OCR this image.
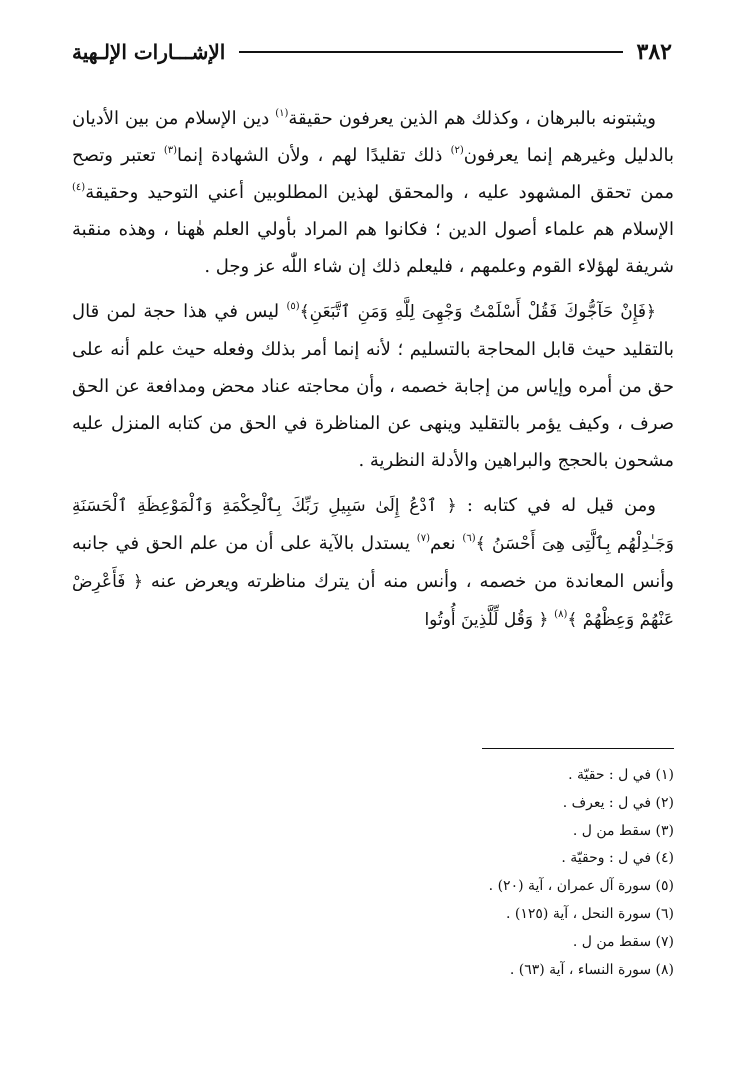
٣٨٢
الإشـــارات الإلـهية

ويثبتونه بالبرهان ، وكذلك هم الذين يعرفون حقيقة$^{(١)}$ دين الإسلام من بين الأديان بالدليل وغيرهم إنما يعرفون$^{(٢)}$ ذلك تقليدًا لهم ، ولأن الشهادة إنما$^{(٣)}$ تعتبر وتصح ممن تحقق المشهود عليه ، والمحقق لهذين المطلوبين أعني التوحيد وحقيقة$^{(٤)}$ الإسلام هم علماء أصول الدين ؛ فكانوا هم المراد بأولي العلم هٰهنا ، وهذه منقبة شريفة لهؤلاء القوم وعلمهم ، فليعلم ذلك إن شاء اللّٰه عز وجل .

﴿فَإِنْ حَآجُّوكَ فَقُلْ أَسْلَمْتُ وَجْهِىَ لِلَّهِ وَمَنِ ٱتَّبَعَنِ﴾$^{(٥)}$ ليس في هذا حجة لمن قال بالتقليد حيث قابل المحاجة بالتسليم ؛ لأنه إنما أمر بذلك وفعله حيث علم أنه على حق من أمره وإياس من إجابة خصمه ، وأن محاجته عناد محض ومدافعة عن الحق صرف ، وكيف يؤمر بالتقليد وينهى عن المناظرة في الحق من كتابه المنزل عليه مشحون بالحجج والبراهين والأدلة النظرية .

ومن قيل له في كتابه : ﴿ ٱدْعُ إِلَىٰ سَبِيلِ رَبِّكَ بِٱلْحِكْمَةِ وَٱلْمَوْعِظَةِ ٱلْحَسَنَةِ وَجَـٰدِلْهُم بِٱلَّتِى هِىَ أَحْسَنُ ﴾$^{(٦)}$ نعم$^{(٧)}$ يستدل بالآية على أن من علم الحق في جانبه وأنس المعاندة من خصمه ، وأنس منه أن يترك مناظرته ويعرض عنه ﴿ فَأَعْرِضْ عَنْهُمْ وَعِظْهُمْ ﴾$^{(٨)}$ ﴿ وَقُل لِّلَّذِينَ أُوتُوا

(١) في ل : حقيّة .
(٢) في ل : يعرف .
(٣) سقط من ل .
(٤) في ل : وحقيّة .
(٥) سورة آل عمران ، آية (٢٠) .
(٦) سورة النحل ، آية (١٢٥) .
(٧) سقط من ل .
(٨) سورة النساء ، آية (٦٣) .
